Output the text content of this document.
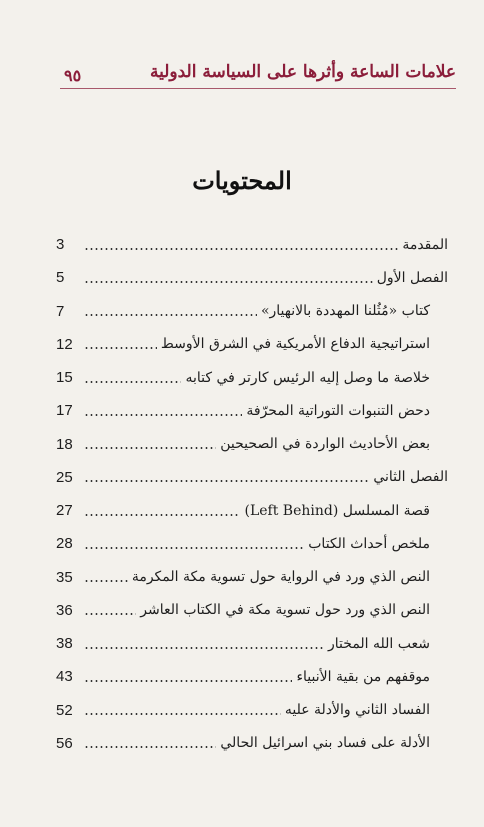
٩٥	علامات الساعة وأثرها على السياسة الدولية
المحتويات
المقدمة
3
الفصل الأول
5
كتاب «مُثُلنا المهددة بالانهيار»
7
استراتيجية الدفاع الأمريكية في الشرق الأوسط
12
خلاصة ما وصل إليه الرئيس كارتر في كتابه
15
دحض التنبوات التوراتية المحرّفة
17
بعض الأحاديث الواردة في الصحيحين
18
الفصل الثاني
25
قصة المسلسل (Left Behind)
27
ملخص أحداث الكتاب
28
النص الذي ورد في الرواية حول تسوية مكة المكرمة
35
النص الذي ورد حول تسوية مكة في الكتاب العاشر
36
شعب الله المختار
38
موقفهم من بقية الأنبياء
43
الفساد الثاني والأدلة عليه
52
الأدلة على فساد بني اسرائيل الحالي
56
